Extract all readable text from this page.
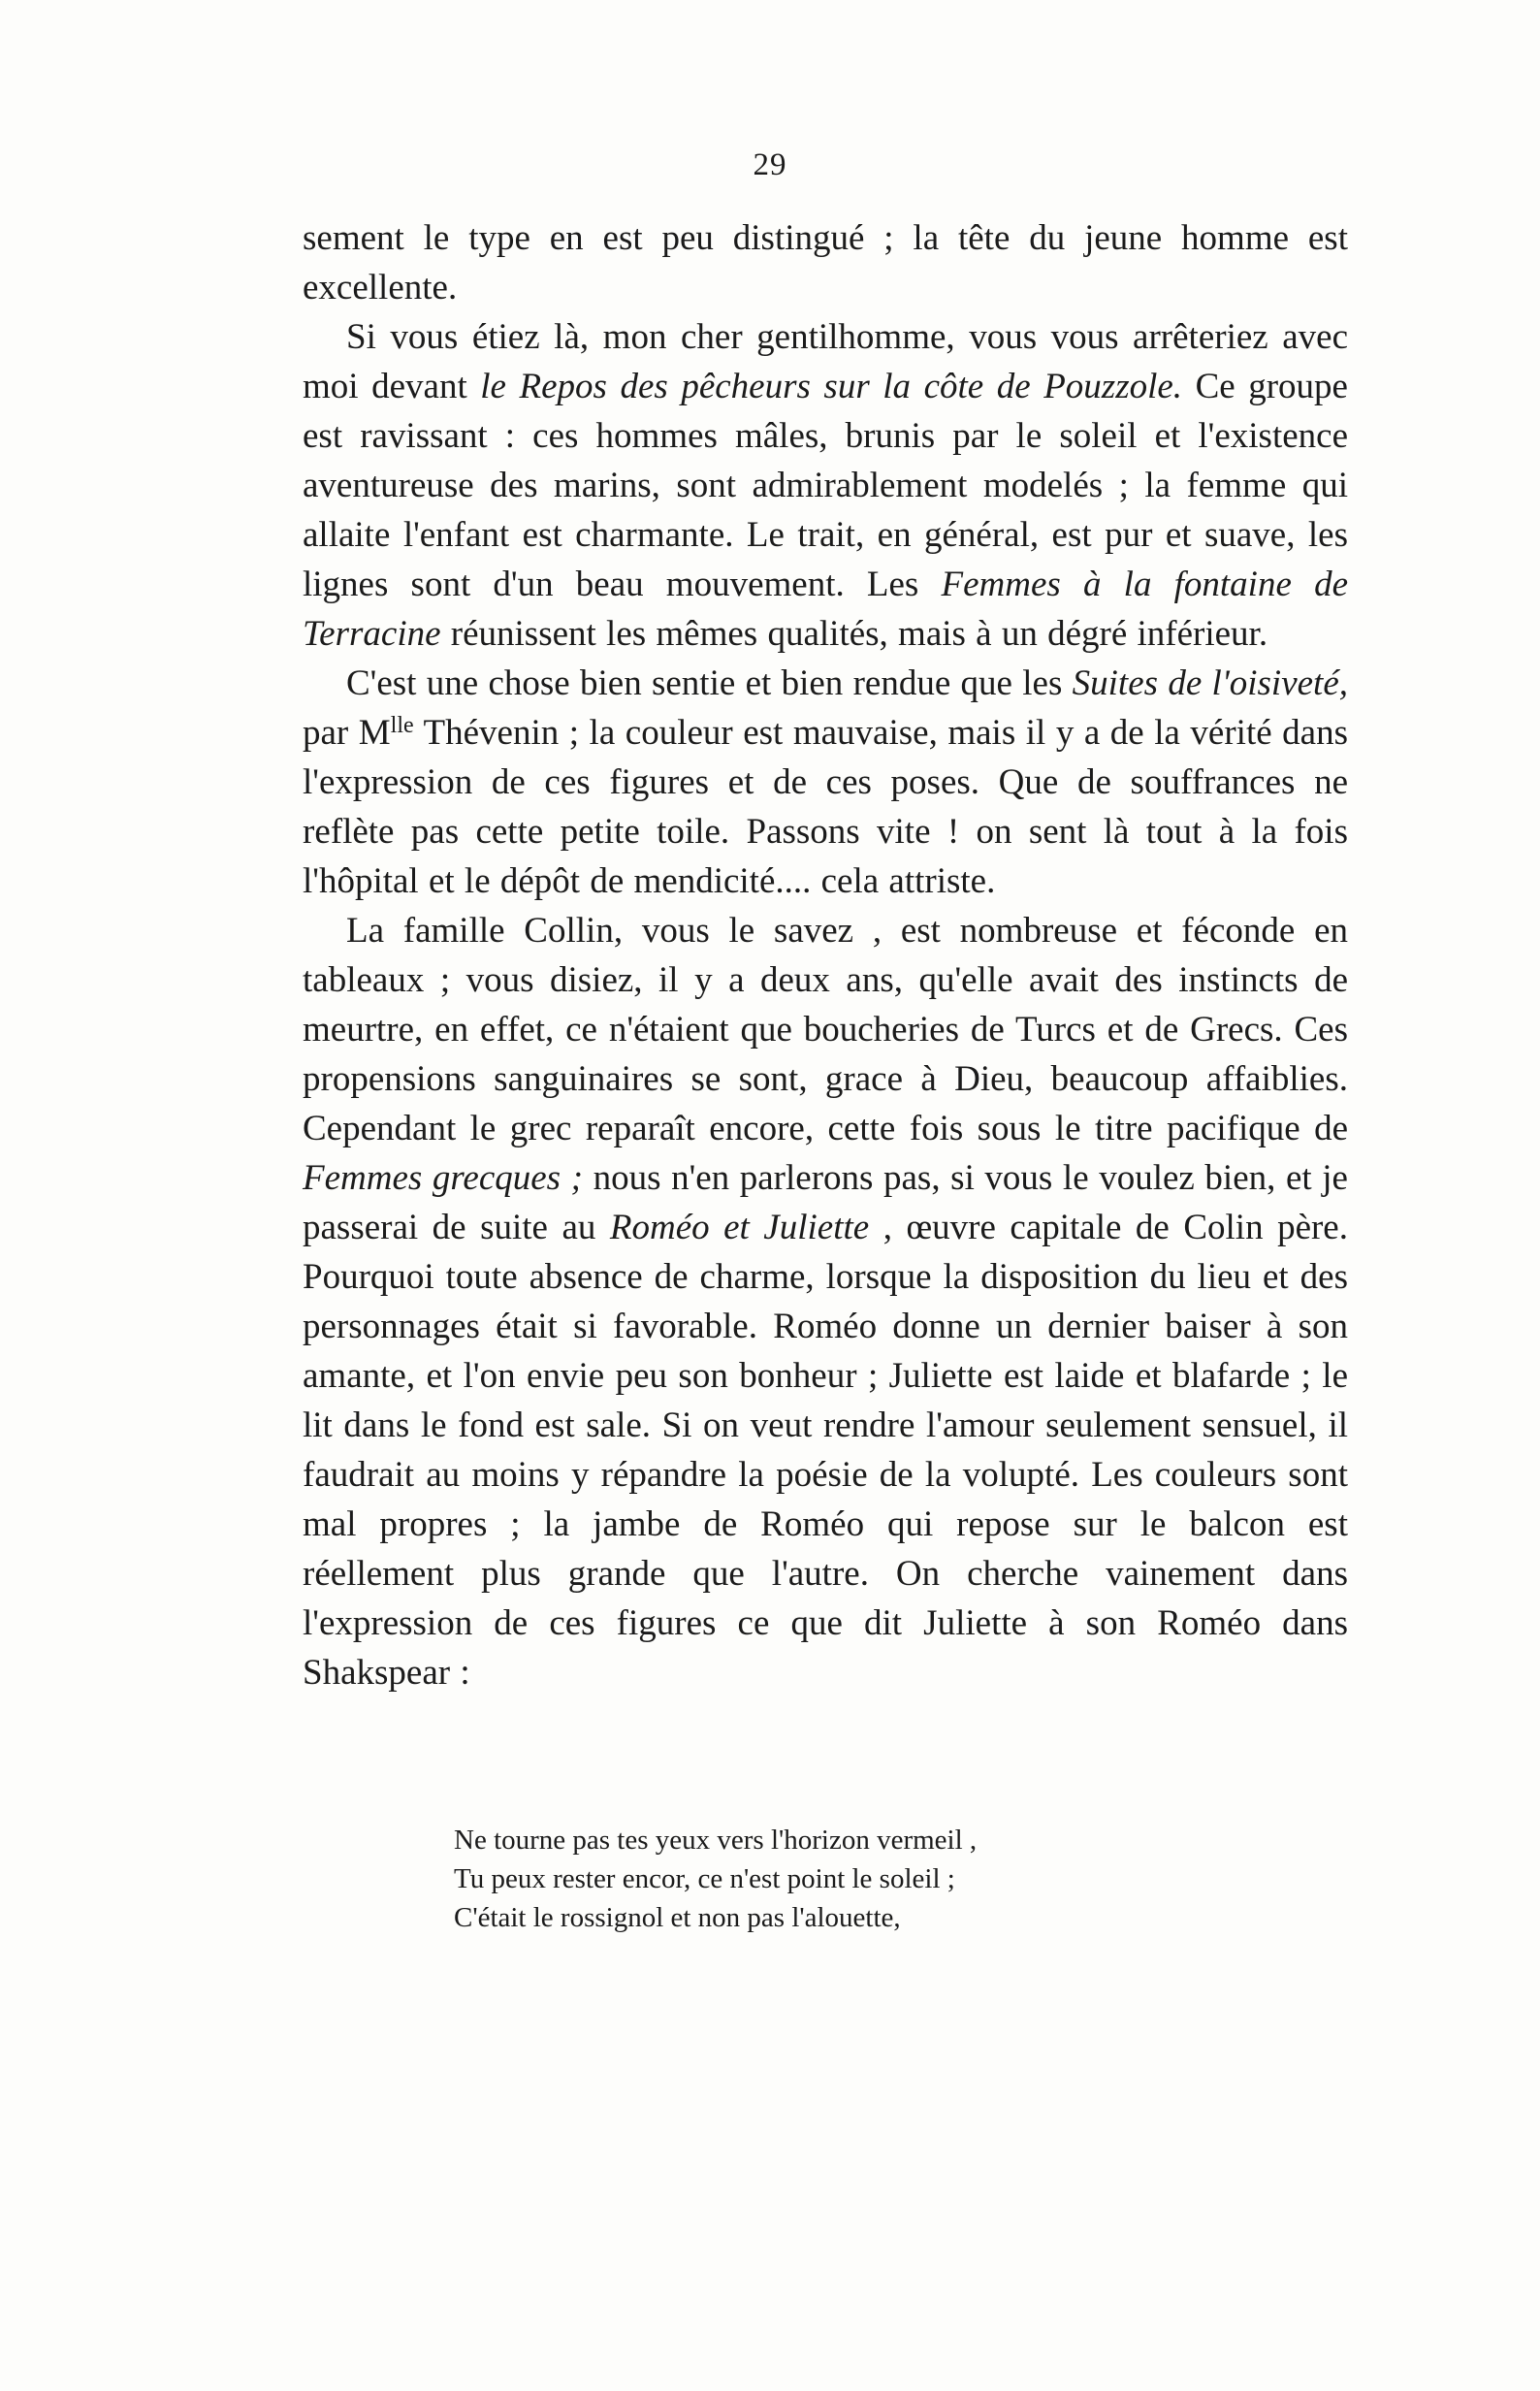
29

sement le type en est peu distingué ; la tête du jeune homme est excellente.

Si vous étiez là, mon cher gentilhomme, vous vous arrêteriez avec moi devant le Repos des pêcheurs sur la côte de Pouzzole. Ce groupe est ravissant : ces hommes mâles, brunis par le soleil et l'existence aventureuse des marins, sont admirablement modelés ; la femme qui allaite l'enfant est charmante. Le trait, en général, est pur et suave, les lignes sont d'un beau mouvement. Les Femmes à la fontaine de Terracine réunissent les mêmes qualités, mais à un dégré inférieur.

C'est une chose bien sentie et bien rendue que les Suites de l'oisiveté, par $M^{lle}$ Thévenin ; la couleur est mauvaise, mais il y a de la vérité dans l'expression de ces figures et de ces poses. Que de souffrances ne reflète pas cette petite toile. Passons vite ! on sent là tout à la fois l'hôpital et le dépôt de mendicité.... cela attriste.

La famille Collin, vous le savez , est nombreuse et féconde en tableaux ; vous disiez, il y a deux ans, qu'elle avait des instincts de meurtre, en effet, ce n'étaient que boucheries de Turcs et de Grecs. Ces propensions sanguinaires se sont, grace à Dieu, beaucoup affaiblies. Cependant le grec reparaît encore, cette fois sous le titre pacifique de Femmes grecques ; nous n'en parlerons pas, si vous le voulez bien, et je passerai de suite au Roméo et Juliette , œuvre capitale de Colin père. Pourquoi toute absence de charme, lorsque la disposition du lieu et des personnages était si favorable. Roméo donne un dernier baiser à son amante, et l'on envie peu son bonheur ; Juliette est laide et blafarde ; le lit dans le fond est sale. Si on veut rendre l'amour seulement sensuel, il faudrait au moins y répandre la poésie de la volupté. Les couleurs sont mal propres ; la jambe de Roméo qui repose sur le balcon est réellement plus grande que l'autre. On cherche vainement dans l'expression de ces figures ce que dit Juliette à son Roméo dans Shakspear :

Ne tourne pas tes yeux vers l'horizon vermeil ,
Tu peux rester encor, ce n'est point le soleil ;
C'était le rossignol et non pas l'alouette,
